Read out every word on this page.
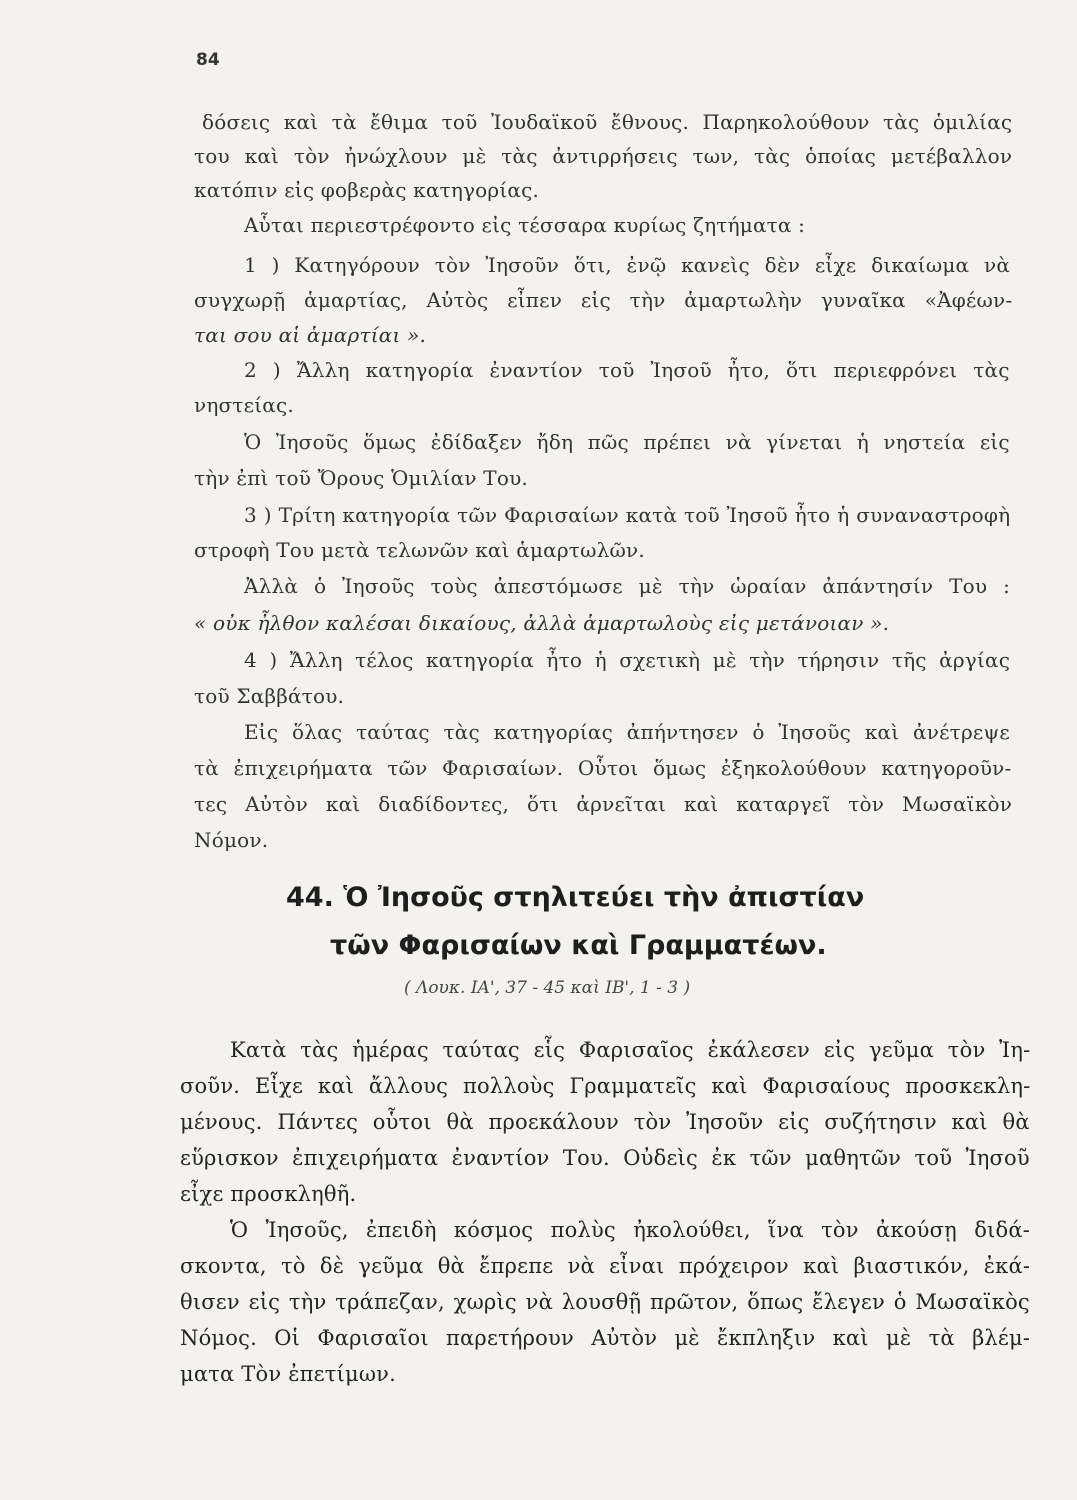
84
δόσεις καὶ τὰ ἔθιμα τοῦ Ἰουδαϊκοῦ ἔθνους. Παρηκολούθουν τὰς ὁμιλίας
του καὶ τὸν ἠνώχλουν μὲ τὰς ἀντιρρήσεις των, τὰς ὁποίας μετέβαλλον
κατόπιν εἰς φοβερὰς κατηγορίας.
Αὗται περιεστρέφοντο εἰς τέσσαρα κυρίως ζητήματα :
1 ) Κατηγόρουν τὸν Ἰησοῦν ὅτι, ἐνῷ κανεὶς δὲν εἶχε δικαίωμα νὰ
συγχωρῇ ἁμαρτίας, Αὐτὸς εἶπεν εἰς τὴν ἁμαρτωλὴν γυναῖκα «Ἀφέων-
ται σου αἱ ἁμαρτίαι ».
2 ) Ἄλλη κατηγορία ἐναντίον τοῦ Ἰησοῦ ἦτο, ὅτι περιεφρόνει τὰς
νηστείας.
Ὁ Ἰησοῦς ὅμως ἐδίδαξεν ἤδη πῶς πρέπει νὰ γίνεται ἡ νηστεία εἰς
τὴν ἐπὶ τοῦ Ὄρους Ὁμιλίαν Του.
3 ) Τρίτη κατηγορία τῶν Φαρισαίων κατὰ τοῦ Ἰησοῦ ἦτο ἡ συναναστροφὴ
στροφὴ Του μετὰ τελωνῶν καὶ ἁμαρτωλῶν.
Ἀλλὰ ὁ Ἰησοῦς τοὺς ἀπεστόμωσε μὲ τὴν ὡραίαν ἀπάντησίν Του :
« οὐκ ἦλθον καλέσαι δικαίους, ἀλλὰ ἁμαρτωλοὺς εἰς μετάνοιαν ».
4 ) Ἄλλη τέλος κατηγορία ἦτο ἡ σχετικὴ μὲ τὴν τήρησιν τῆς ἀργίας
τοῦ Σαββάτου.
Εἰς ὅλας ταύτας τὰς κατηγορίας ἀπήντησεν ὁ Ἰησοῦς καὶ ἀνέτρεψε
τὰ ἐπιχειρήματα τῶν Φαρισαίων. Οὗτοι ὅμως ἐξηκολούθουν κατηγοροῦν-
τες Αὐτὸν καὶ διαδίδοντες, ὅτι ἀρνεῖται καὶ καταργεῖ τὸν Μωσαϊκὸν
Νόμον.
44. Ὁ Ἰησοῦς στηλιτεύει τὴν ἀπιστίαν
τῶν Φαρισαίων καὶ Γραμματέων.
( Λουκ. ΙΑ', 37 - 45 καὶ ΙΒ', 1 - 3 )
Κατὰ τὰς ἡμέρας ταύτας εἷς Φαρισαῖος ἐκάλεσεν εἰς γεῦμα τὸν Ἰη-
σοῦν. Εἶχε καὶ ἄλλους πολλοὺς Γραμματεῖς καὶ Φαρισαίους προσκεκλη-
μένους. Πάντες οὗτοι θὰ προεκάλουν τὸν Ἰησοῦν εἰς συζήτησιν καὶ θὰ
εὕρισκον ἐπιχειρήματα ἐναντίον Του. Οὐδεὶς ἐκ τῶν μαθητῶν τοῦ Ἰησοῦ
εἶχε προσκληθῆ.
Ὁ Ἰησοῦς, ἐπειδὴ κόσμος πολὺς ἠκολούθει, ἵνα τὸν ἀκούσῃ διδά-
σκοντα, τὸ δὲ γεῦμα θὰ ἔπρεπε νὰ εἶναι πρόχειρον καὶ βιαστικόν, ἐκά-
θισεν εἰς τὴν τράπεζαν, χωρὶς νὰ λουσθῇ πρῶτον, ὅπως ἔλεγεν ὁ Μωσαϊκὸς
Νόμος. Οἱ Φαρισαῖοι παρετήρουν Αὐτὸν μὲ ἔκπληξιν καὶ μὲ τὰ βλέμ-
ματα Τὸν ἐπετίμων.
